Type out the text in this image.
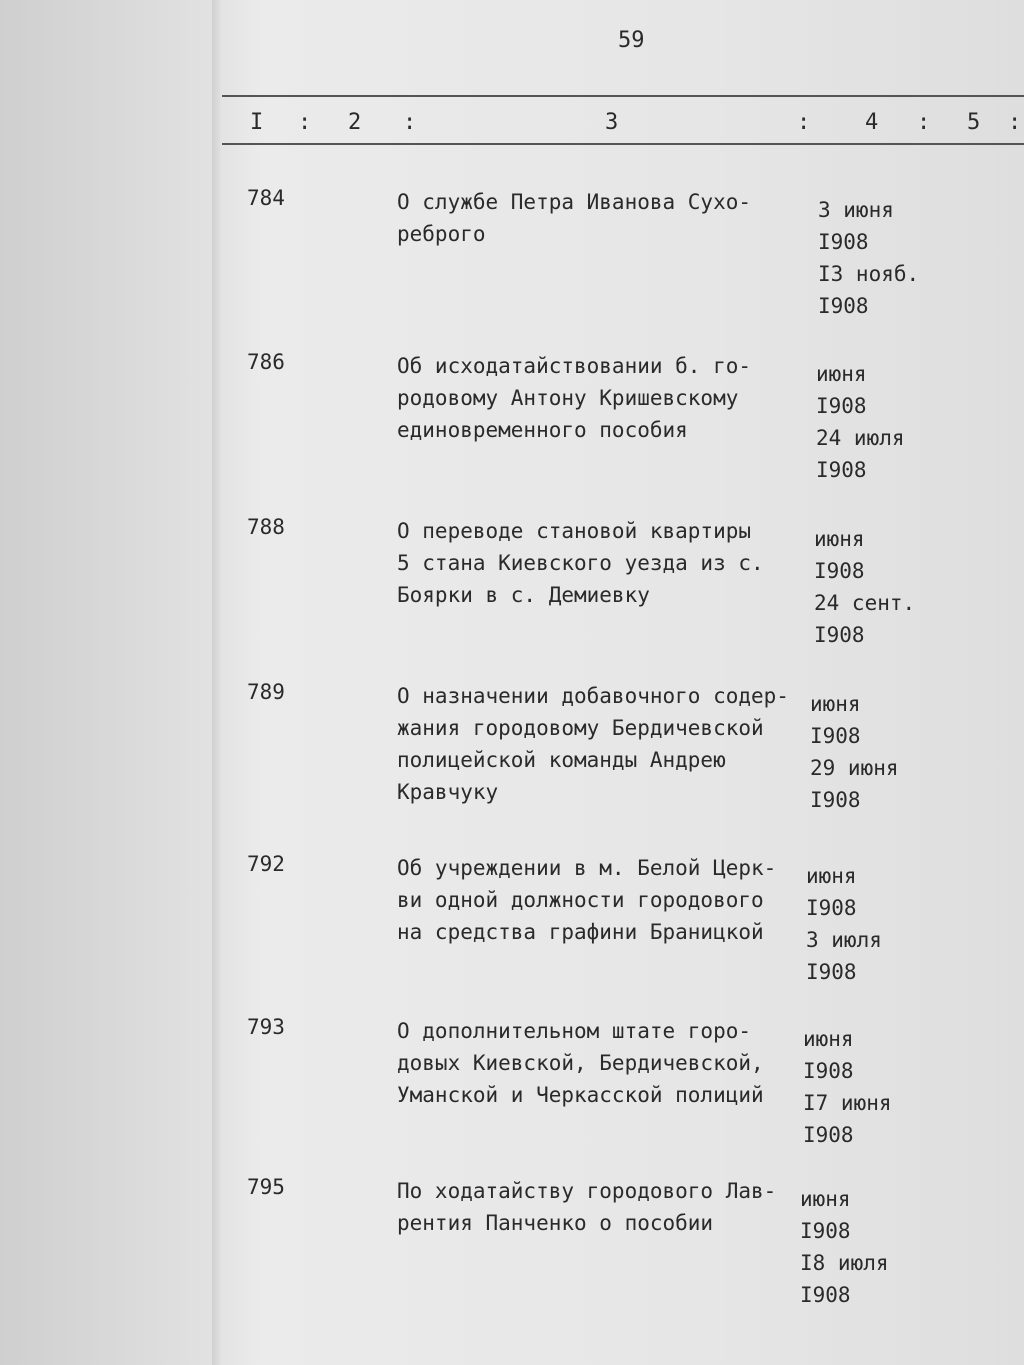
⠀
59
I : 2 :	3	: 4 : 5 :
784	О службе Петра Иванова Сухо-
реброго
3 июня
I908
I3 нояб.
I908
786	Об исходатайствовании б. го-
родовому Антону Кришевскому
единовременного пособия
июня
I908
24 июля
I908
788	О переводе становой квартиры
5 стана Киевского уезда из с.
Боярки в с. Демиевку
июня
I908
24 сент.
I908
789	О назначении добавочного содер-
жания городовому Бердичевской
полицейской команды Андрею
Кравчуку
июня
I908
29 июня
I908
792	Об учреждении в м. Белой Церк-
ви одной должности городового
на средства графини Браницкой
июня
I908
3 июля
I908
793	О дополнительном штате горо-
довых Киевской, Бердичевской,
Уманской и Черкасской полиций
июня
I908
I7 июня
I908
795	По ходатайству городового Лав-
рентия Панченко о пособии
июня
I908
I8 июля
I908
